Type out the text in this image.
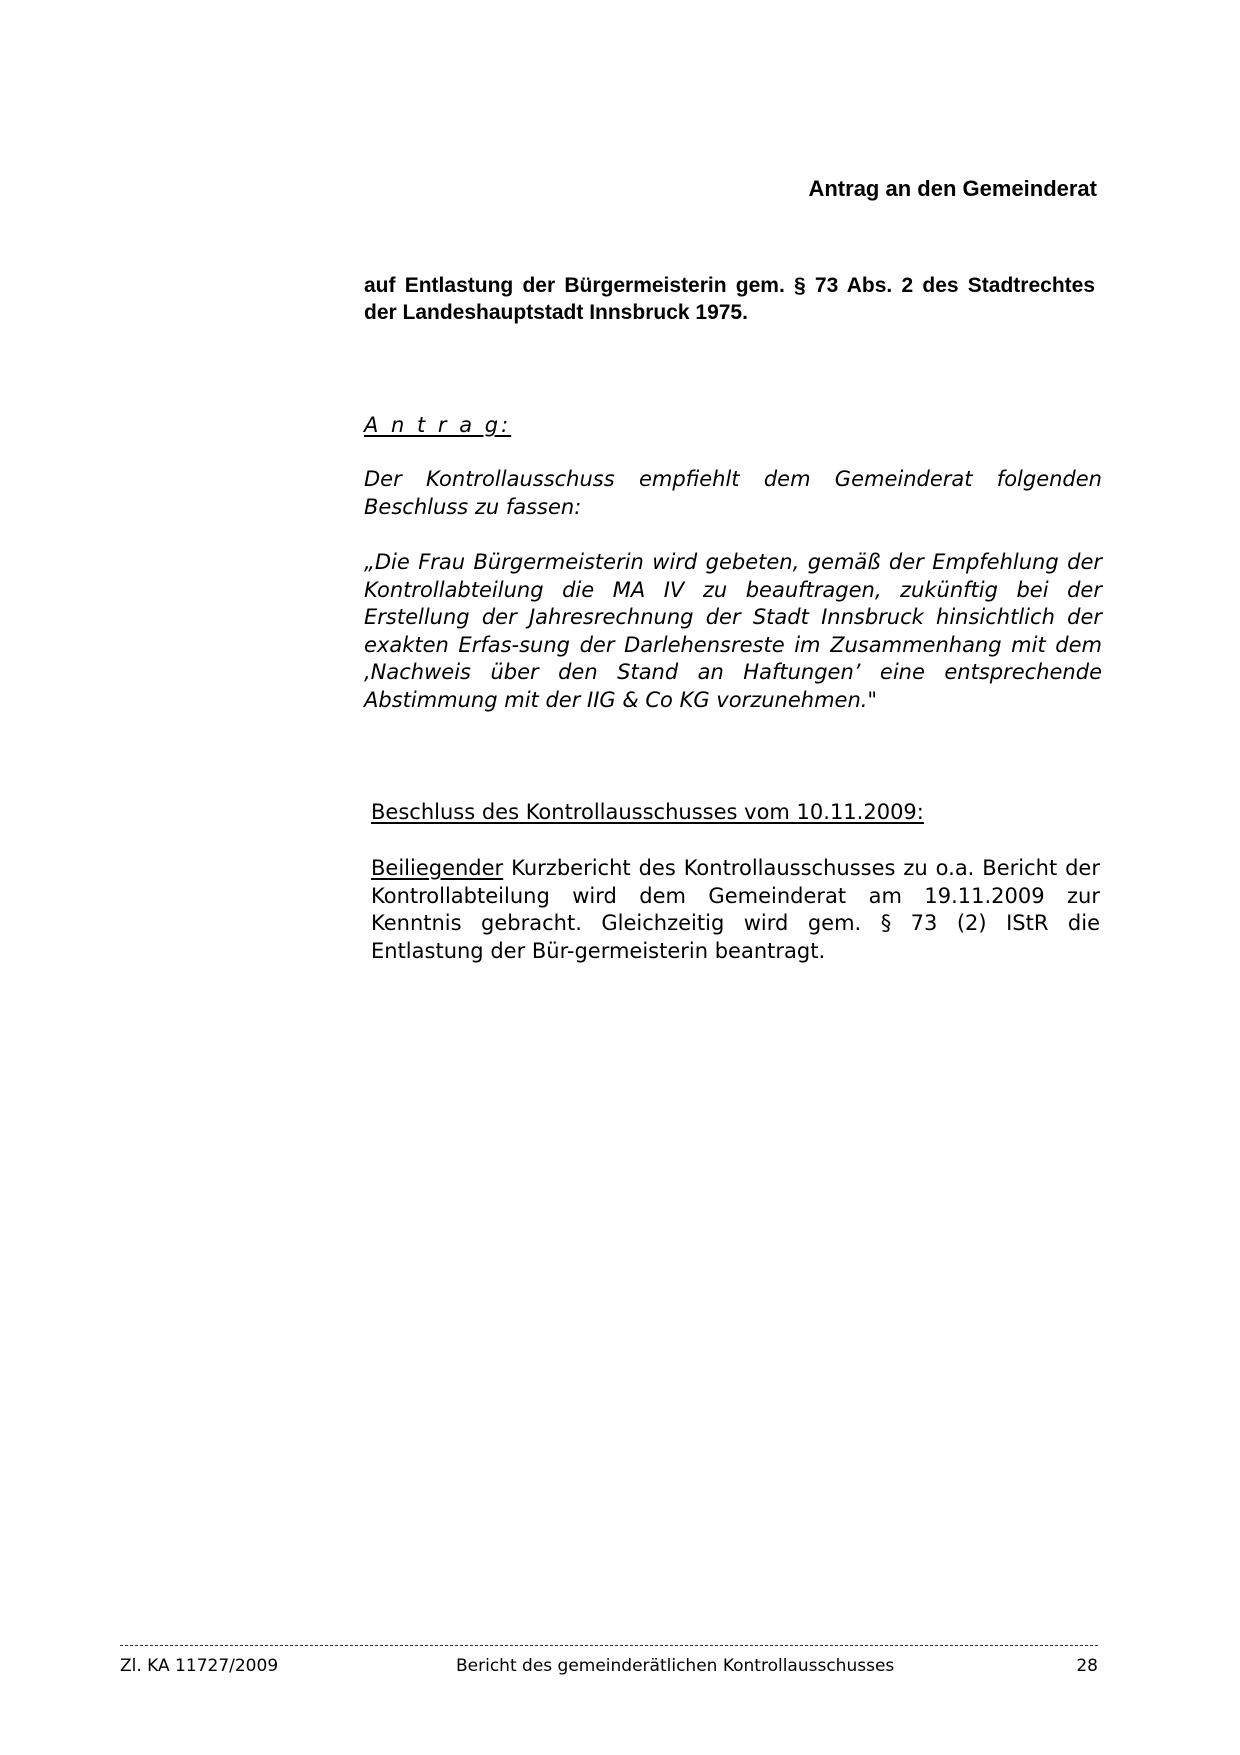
Antrag an den Gemeinderat

auf Entlastung der Bürgermeisterin gem. § 73 Abs. 2 des Stadtrechtes der Landeshauptstadt Innsbruck 1975.

A n t r a g:

Der Kontrollausschuss empfiehlt dem Gemeinderat folgenden Beschluss zu fassen:

„Die Frau Bürgermeisterin wird gebeten, gemäß der Empfehlung der Kontrollabteilung die MA IV zu beauftragen, zukünftig bei der Erstellung der Jahresrechnung der Stadt Innsbruck hinsichtlich der exakten Erfas-sung der Darlehensreste im Zusammenhang mit dem ‚Nachweis über den Stand an Haftungen’ eine entsprechende Abstimmung mit der IIG & Co KG vorzunehmen."

Beschluss des Kontrollausschusses vom 10.11.2009:

Beiliegender Kurzbericht des Kontrollausschusses zu o.a. Bericht der Kontrollabteilung wird dem Gemeinderat am 19.11.2009 zur Kenntnis gebracht. Gleichzeitig wird gem. § 73 (2) IStR die Entlastung der Bür-germeisterin beantragt.

Zl. KA 11727/2009	Bericht des gemeinderätlichen Kontrollausschusses	28
